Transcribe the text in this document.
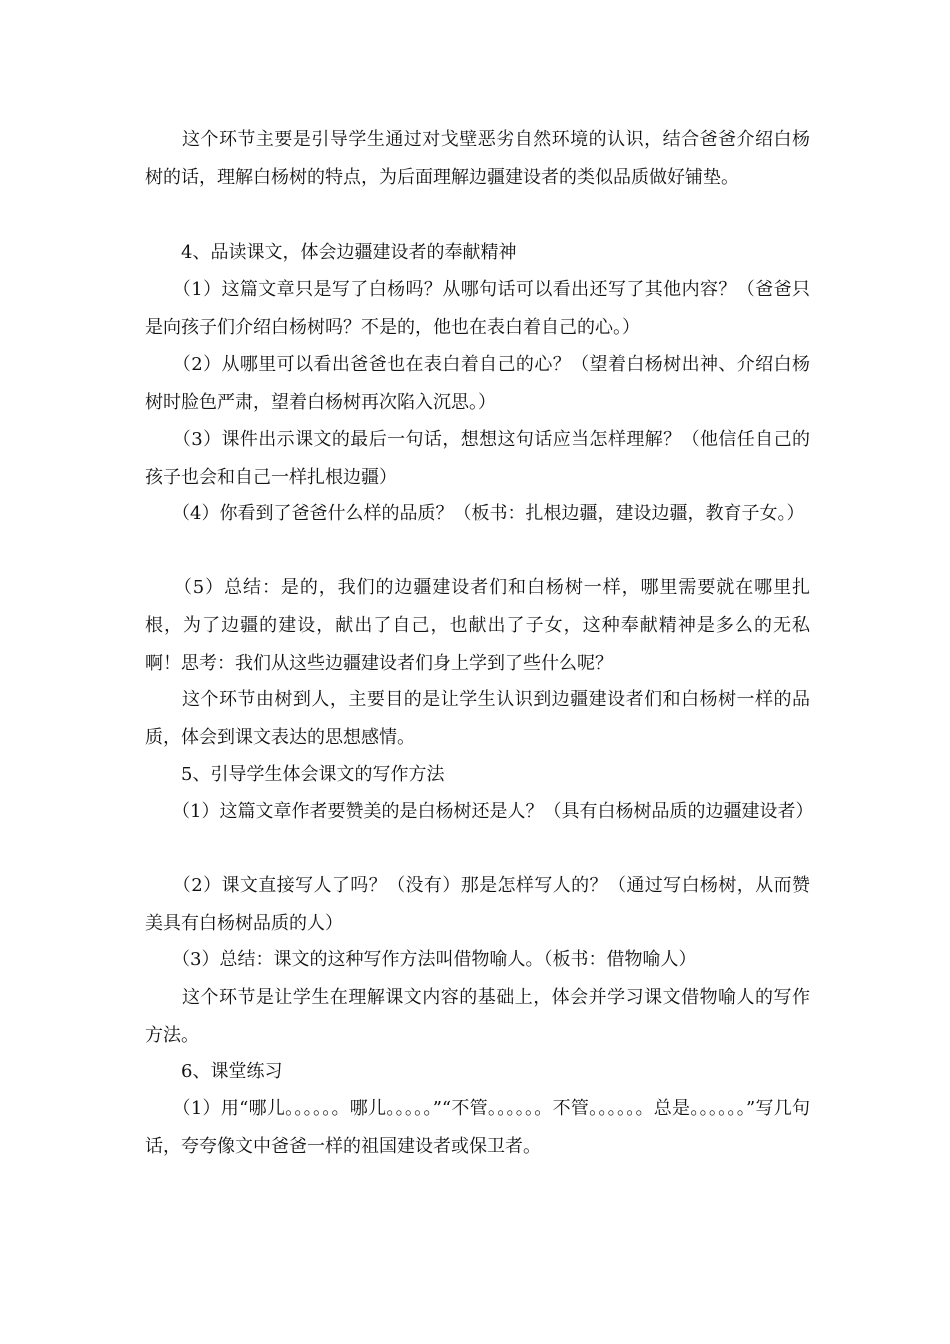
　　这个环节主要是引导学生通过对戈壁恶劣自然环境的认识，结合爸爸介绍白杨树的话，理解白杨树的特点，为后面理解边疆建设者的类似品质做好铺垫。

　　4、品读课文，体会边疆建设者的奉献精神

　　（1）这篇文章只是写了白杨吗？从哪句话可以看出还写了其他内容？（爸爸只是向孩子们介绍白杨树吗？不是的，他也在表白着自己的心。）

　　（2）从哪里可以看出爸爸也在表白着自己的心？（望着白杨树出神、介绍白杨树时脸色严肃，望着白杨树再次陷入沉思。）

　　（3）课件出示课文的最后一句话，想想这句话应当怎样理解？（他信任自己的孩子也会和自己一样扎根边疆）

　　（4）你看到了爸爸什么样的品质？（板书：扎根边疆，建设边疆，教育子女。）

　　（5）总结：是的，我们的边疆建设者们和白杨树一样，哪里需要就在哪里扎根，为了边疆的建设，献出了自己，也献出了子女，这种奉献精神是多么的无私啊！思考：我们从这些边疆建设者们身上学到了些什么呢？

　　这个环节由树到人，主要目的是让学生认识到边疆建设者们和白杨树一样的品质，体会到课文表达的思想感情。

　　5、引导学生体会课文的写作方法

　　（1）这篇文章作者要赞美的是白杨树还是人？（具有白杨树品质的边疆建设者）

　　（2）课文直接写人了吗？（没有）那是怎样写人的？（通过写白杨树，从而赞美具有白杨树品质的人）

　　（3）总结：课文的这种写作方法叫借物喻人。（板书：借物喻人）

　　这个环节是让学生在理解课文内容的基础上，体会并学习课文借物喻人的写作方法。

　　6、课堂练习

　　（1）用“哪儿。。。。。。哪儿。。。。。”“不管。。。。。。不管。。。。。。总是。。。。。。”写几句话，夸夸像文中爸爸一样的祖国建设者或保卫者。
